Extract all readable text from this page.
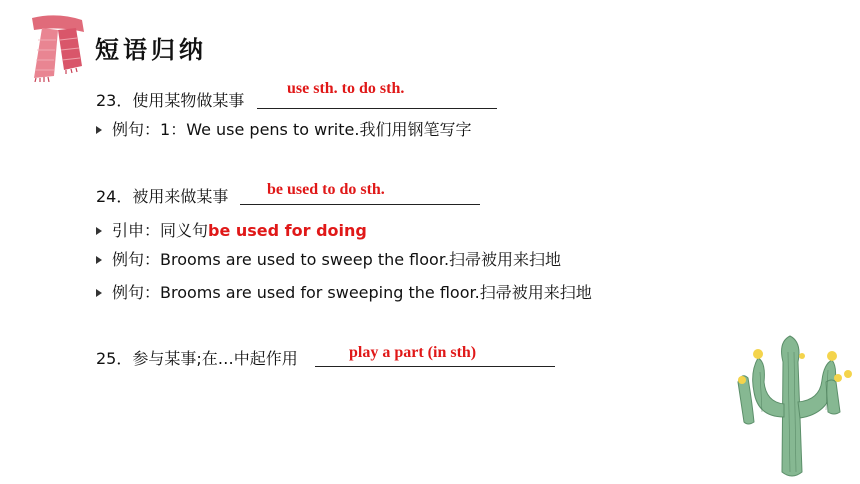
短语归纳
23．使用某物做某事
use sth. to do sth.
例句：1：We use pens to write.我们用钢笔写字
24．被用来做某事 be used to do sth.
引申：同义句be used for doing
例句：Brooms are used to sweep the floor.扫帚被用来扫地
例句：Brooms are used for sweeping the floor.扫帚被用来扫地
25．参与某事;在…中起作用	play a part (in sth)
